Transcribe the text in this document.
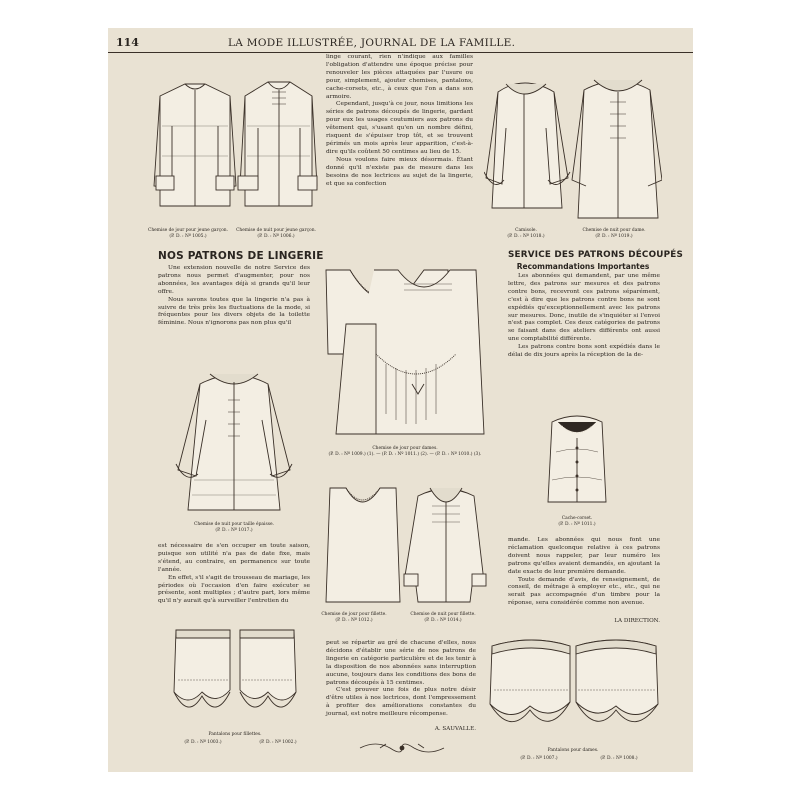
114	LA MODE ILLUSTRÉE, JOURNAL DE LA FAMILLE.
Chemise de jour pour jeune garçon.
(P. D. : Nº 1005.)
Chemise de nuit pour jeune garçon.
(P. D. : Nº 1006.)
NOS PATRONS DE LINGERIE

Une extension nouvelle de notre Service des patrons nous permet d'augmenter, pour nos abonnées, les avantages déjà si grands qu'il leur offre.

Nous savons toutes que la lingerie n'a pas à suivre de très près les fluctuations de la mode, si fréquentes pour les divers objets de la toilette féminine. Nous n'ignorons pas non plus qu'il

Chemise de nuit pour taille épaisse.
(P. D. : Nº 1017.)

est nécessaire de s'en occuper en toute saison, puisque son utilité n'a pas de date fixe, mais s'étend, au contraire, en permanence sur toute l'année.

En effet, s'il s'agit de trousseau de mariage, les périodes où l'occasion d'en faire exécuter se présente, sont multiples ; d'autre part, lors même qu'il n'y aurait qu'à surveiller l'entretien du

Pantalons pour fillettes.
(P. D. : Nº 1003.)	(P. D. : Nº 1002.)

linge courant, rien n'indique aux familles l'obligation d'attendre une époque précise pour renouveler les pièces attaquées par l'usure ou pour, simplement, ajouter chemises, pantalons, cache-corsets, etc., à ceux que l'on a dans son armoire.

Cependant, jusqu'à ce jour, nous limitions les séries de patrons découpés de lingerie, gardant pour eux les usages coutumiers aux patrons du vêtement qui, s'usant qu'en un nombre défini, risquent de s'épuiser trop tôt, et se trouvent périmés un mois après leur apparition, c'est-à-dire qu'ils coûtent 50 centimes au lieu de 15.

Nous voulons faire mieux désormais. Étant donné qu'il n'existe pas de mesure dans les besoins de nos lectrices au sujet de la lingerie, et que sa confection

Chemise de jour pour dames.
(P. D. : Nº 1009.) (1). — (P. D. : Nº 1011.) (2). — (P. D. : Nº 1010.) (3).
Chemise de jour pour fillette.
(P. D. : Nº 1012.)
Chemise de nuit pour fillette.
(P. D. : Nº 1014.)

peut se répartir au gré de chacune d'elles, nous décidons d'établir une série de nos patrons de lingerie en catégorie particulière et de les tenir à la disposition de nos abonnées sans interruption aucune, toujours dans les conditions des bons de patrons découpés à 15 centimes.

C'est prouver une fois de plus notre désir d'être utiles à nos lectrices, dont l'empressement à profiter des améliorations constantes du journal, est notre meilleure récompense.

A. SAUVALLE.
Camisole.
(P. D. : Nº 1018.)
Chemise de nuit pour dame.
(P. D. : Nº 1019.)
SERVICE DES PATRONS DÉCOUPÉS
Recommandations Importantes

Les abonnées qui demandent, par une même lettre, des patrons sur mesures et des patrons contre bons, recevront ces patrons séparément, c'est à dire que les patrons contre bons ne sont expédiés qu'exceptionnellement avec les patrons sur mesures. Donc, inutile de s'inquiéter si l'envoi n'est pas complet. Ces deux catégories de patrons se faisant dans des ateliers différents ont aussi une comptabilité différente.

Les patrons contre bons sont expédiés dans le délai de dix jours après la réception de la de-

Cache-corset.
(P. D. : Nº 1011.)

mande. Les abonnées qui nous font une réclamation quelconque relative à ces patrons doivent nous rappeler, par leur numéro les patrons qu'elles avaient demandés, en ajoutant la date exacte de leur première demande.

Toute demande d'avis, de renseignement, de conseil, de métrage à employer etc., etc., qui ne serait pas accompagnée d'un timbre pour la réponse, sera considérée comme non avenue.

LA DIRECTION.
Pantalons pour dames.
(P. D. : Nº 1007.)	(P. D. : Nº 1008.)
